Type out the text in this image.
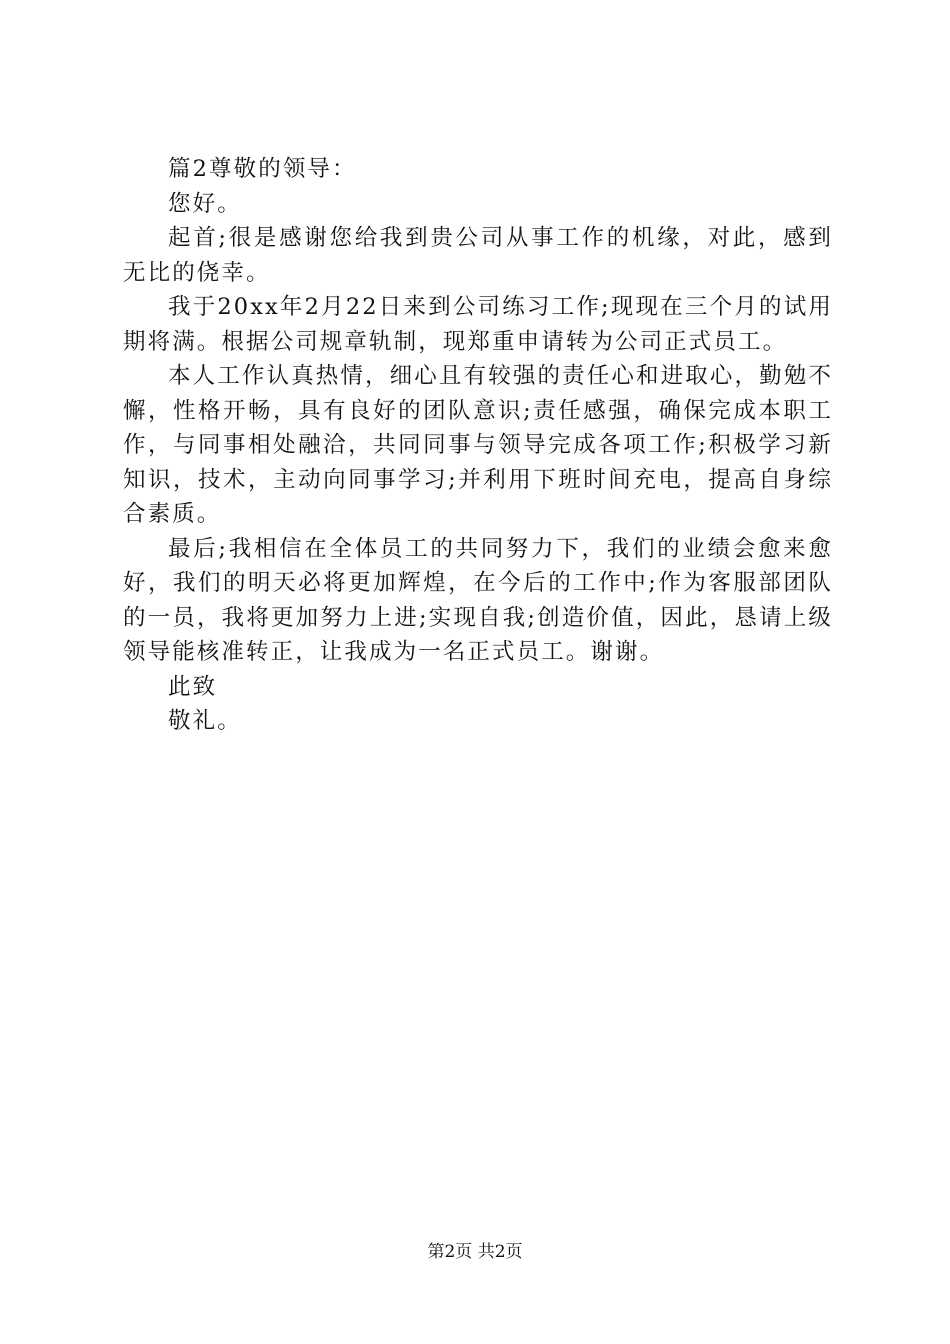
篇2尊敬的领导：

您好。

起首;很是感谢您给我到贵公司从事工作的机缘，对此，感到无比的侥幸。

我于20xx年2月22日来到公司练习工作;现现在三个月的试用期将满。根据公司规章轨制，现郑重申请转为公司正式员工。

本人工作认真热情，细心且有较强的责任心和进取心，勤勉不懈，性格开畅，具有良好的团队意识;责任感强，确保完成本职工作，与同事相处融洽，共同同事与领导完成各项工作;积极学习新知识，技术，主动向同事学习;并利用下班时间充电，提高自身综合素质。

最后;我相信在全体员工的共同努力下，我们的业绩会愈来愈好，我们的明天必将更加辉煌，在今后的工作中;作为客服部团队的一员，我将更加努力上进;实现自我;创造价值，因此，恳请上级领导能核准转正，让我成为一名正式员工。谢谢。

此致

敬礼。

第2页 共2页
